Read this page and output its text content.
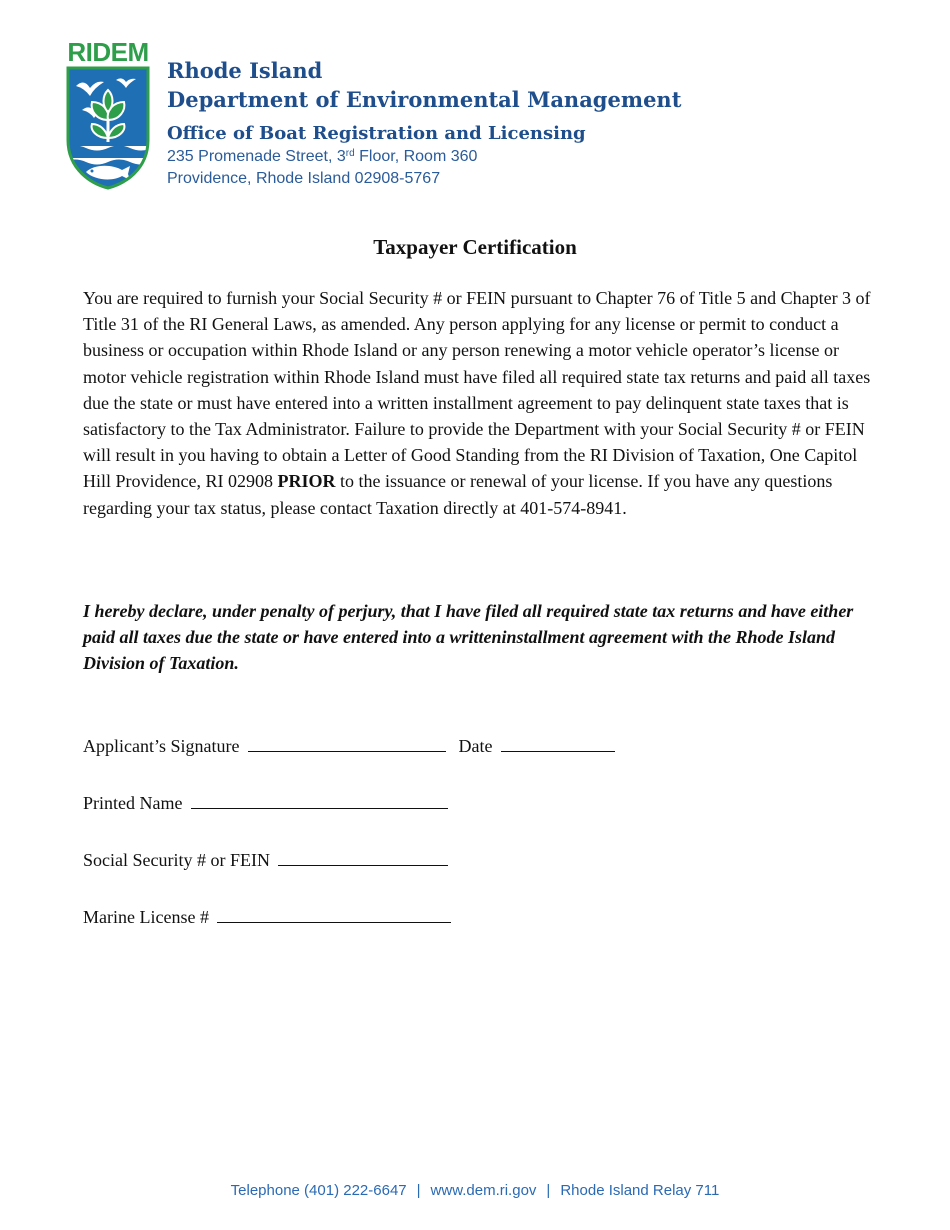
RIDEM
Rhode Island
Department of Environmental Management
Office of Boat Registration and Licensing
235 Promenade Street, 3rd Floor, Room 360
Providence, Rhode Island 02908-5767
Taxpayer Certification
You are required to furnish your Social Security # or FEIN pursuant to Chapter 76 of Title 5 and Chapter 3 of Title 31 of the RI General Laws, as amended. Any person applying for any license or permit to conduct a business or occupation within Rhode Island or any person renewing a motor vehicle operator’s license or motor vehicle registration within Rhode Island must have filed all required state tax returns and paid all taxes due the state or must have entered into a written installment agreement to pay delinquent state taxes that is satisfactory to the Tax Administrator. Failure to provide the Department with your Social Security # or FEIN will result in you having to obtain a Letter of Good Standing from the RI Division of Taxation, One Capitol Hill Providence, RI 02908 PRIOR to the issuance or renewal of your license. If you have any questions regarding your tax status, please contact Taxation directly at 401-574-8941.
I hereby declare, under penalty of perjury, that I have filed all required state tax returns and have either paid all taxes due the state or have entered into a writteninstallment agreement with the Rhode Island Division of Taxation.
Applicant’s Signature	Date
Printed Name
Social Security # or FEIN
Marine License #
Telephone (401) 222-6647 | www.dem.ri.gov | Rhode Island Relay 711
